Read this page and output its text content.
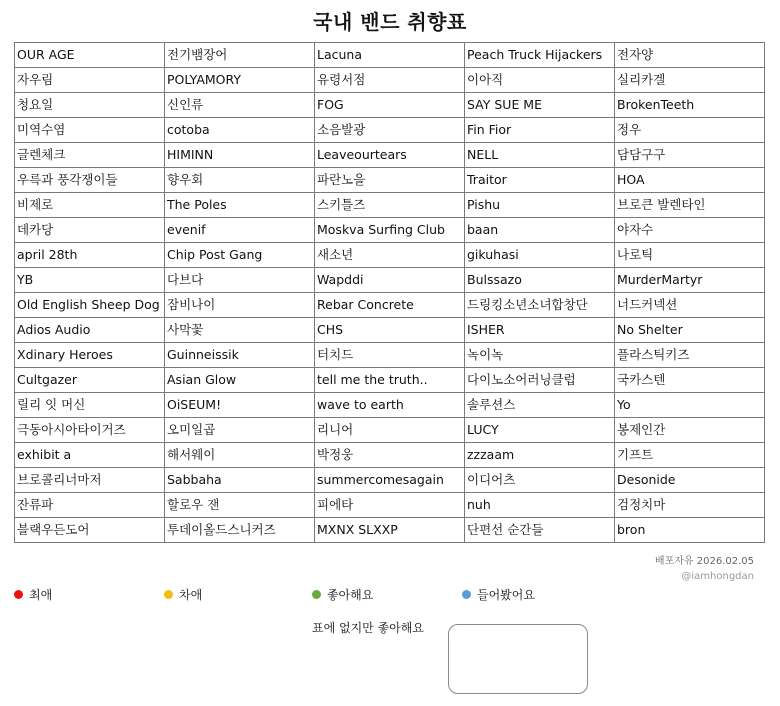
국내 밴드 취향표
OUR AGE	전기뱀장어	Lacuna	Peach Truck Hijackers	전자양
자우림	POLYAMORY	유령서점	이아직	실리카겔
청요일	신인류	FOG	SAY SUE ME	BrokenTeeth
미역수염	cotoba	소음발광	Fin Fior	정우
글렌체크	HIMINN	Leaveourtears	NELL	담담구구
우륵과 풍각쟁이들	향우회	파란노을	Traitor	HOA
비제로	The Poles	스키틀즈	Pishu	브로큰 발렌타인
데카당	evenif	Moskva Surfing Club	baan	야자수
april 28th	Chip Post Gang	새소년	gikuhasi	나로틱
YB	다브다	Wapddi	Bulssazo	MurderMartyr
Old English Sheep Dog	잠비나이	Rebar Concrete	드링킹소년소녀합창단	너드커넥션
Adios Audio	사막꽃	CHS	ISHER	No Shelter
Xdinary Heroes	Guinneissik	터치드	녹이녹	플라스틱키즈
Cultgazer	Asian Glow	tell me the truth..	다이노소어러닝클럽	국카스텐
릴리 잇 머신	OiSEUM!	wave to earth	솔루션스	Yo
극동아시아타이거즈	오미일곱	리니어	LUCY	봉제인간
exhibit a	해서웨이	박정웅	zzzaam	기프트
브로콜리너마저	Sabbaha	summercomesagain	이디어츠	Desonide
잔류파	할로우 잰	피에타	nuh	검정치마
블랙우든도어	투데이올드스니커즈	MXNX SLXXP	단편선 순간들	bron
배포자유 2026.02.05
@iamhongdan
최애	차애	좋아해요	들어봤어요
표에 없지만 좋아해요
